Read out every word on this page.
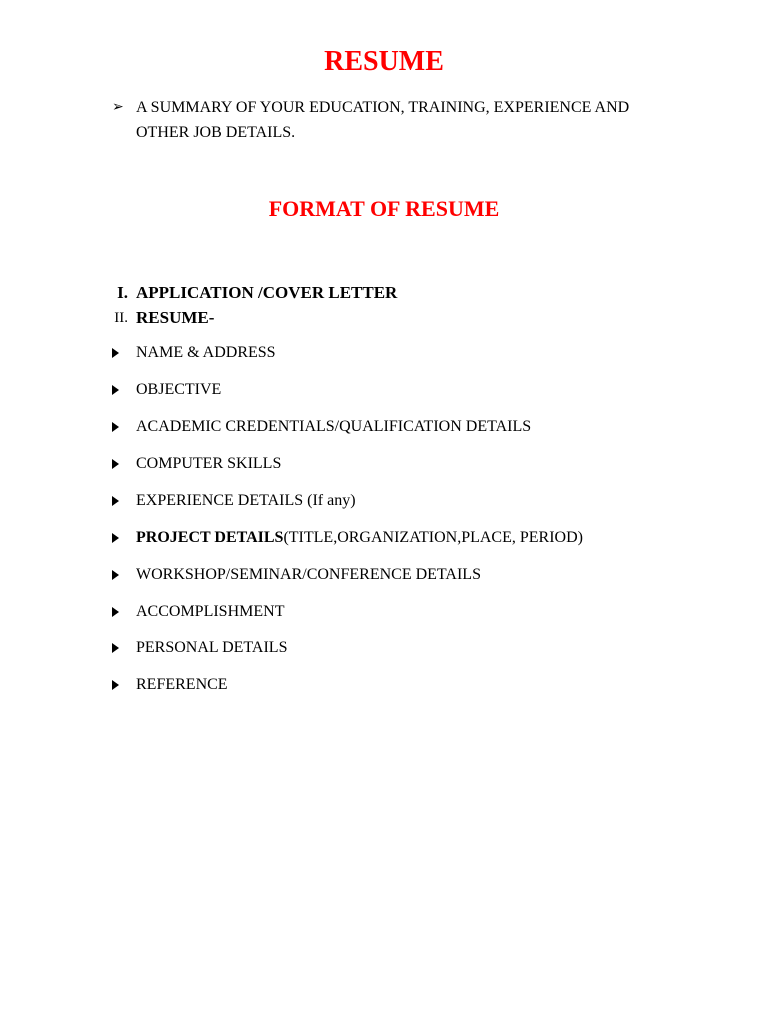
RESUME
➢ A SUMMARY OF YOUR EDUCATION, TRAINING, EXPERIENCE AND OTHER JOB DETAILS.
FORMAT OF RESUME
I. APPLICATION /COVER LETTER
II. RESUME-
NAME & ADDRESS
OBJECTIVE
ACADEMIC CREDENTIALS/QUALIFICATION DETAILS
COMPUTER SKILLS
EXPERIENCE DETAILS (If any)
PROJECT DETAILS(TITLE,ORGANIZATION,PLACE, PERIOD)
WORKSHOP/SEMINAR/CONFERENCE DETAILS
ACCOMPLISHMENT
PERSONAL DETAILS
REFERENCE
